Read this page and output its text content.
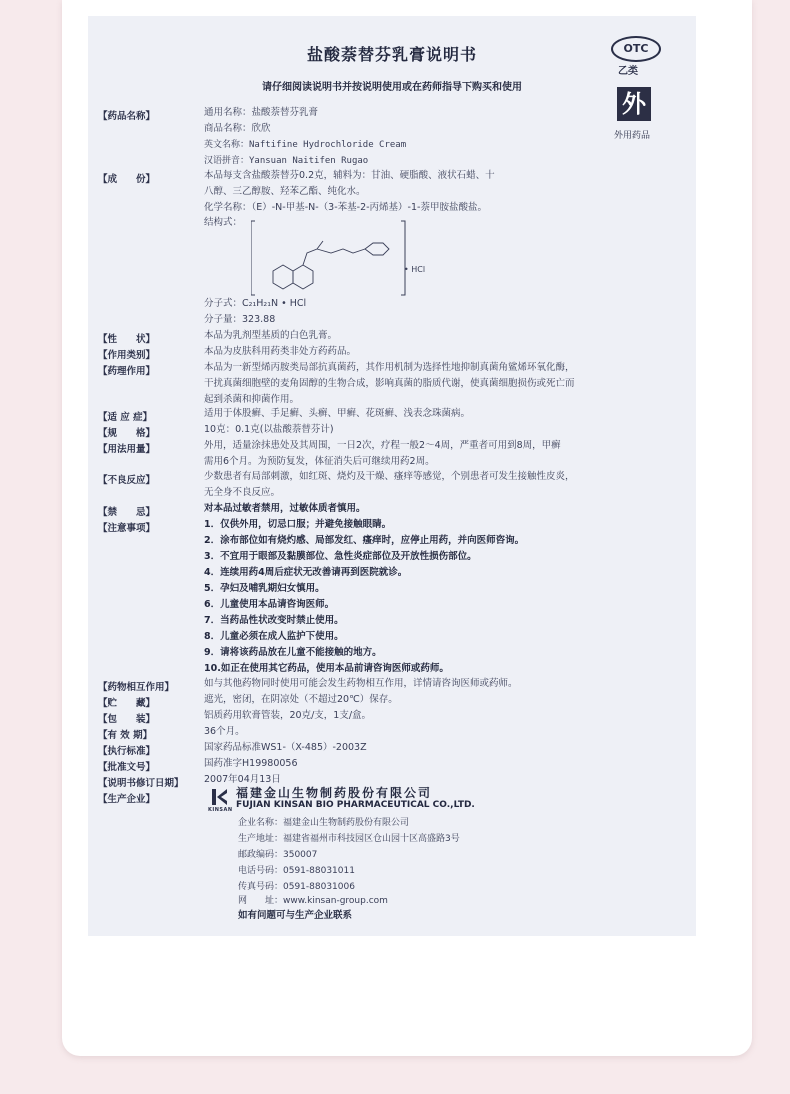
盐酸萘替芬乳膏说明书	OTC
乙类
外
外用药品
请仔细阅读说明书并按说明使用或在药师指导下购买和使用
【药品名称】	通用名称：盐酸萘替芬乳膏
商品名称：欣欣
英文名称：Naftifine Hydrochloride Cream
汉语拼音：Yansuan Naitifen Rugao
【成　　份】	本品每支含盐酸萘替芬0.2克，辅料为：甘油、硬脂酸、液状石蜡、十
八醇、三乙醇胺、羟苯乙酯、纯化水。
化学名称：（E）-N-甲基-N-（3-苯基-2-丙烯基）-1-萘甲胺盐酸盐。
结构式：
• HCl
分子式：C₂₁H₂₁N • HCl
分子量：323.88
【性　　状】	本品为乳剂型基质的白色乳膏。
【作用类别】	本品为皮肤科用药类非处方药药品。
【药理作用】	本品为一新型烯丙胺类局部抗真菌药，其作用机制为选择性地抑制真菌角鲨烯环氧化酶，
干扰真菌细胞壁的麦角固醇的生物合成，影响真菌的脂质代谢，使真菌细胞损伤或死亡而
起到杀菌和抑菌作用。
【适 应 症】	适用于体股癣、手足癣、头癣、甲癣、花斑癣、浅表念珠菌病。
【规　　格】	10克：0.1克(以盐酸萘替芬计)
【用法用量】	外用，适量涂抹患处及其周围，一日2次，疗程一般2～4周，严重者可用到8周，甲癣
需用6个月。为预防复发，体征消失后可继续用药2周。
【不良反应】	少数患者有局部刺激，如红斑、烧灼及干燥、瘙痒等感觉，个别患者可发生接触性皮炎，
无全身不良反应。
【禁　　忌】	对本品过敏者禁用，过敏体质者慎用。
【注意事项】	1．仅供外用，切忌口服；并避免接触眼睛。
2．涂布部位如有烧灼感、局部发红、瘙痒时，应停止用药，并向医师咨询。
3．不宜用于眼部及黏膜部位、急性炎症部位及开放性损伤部位。
4．连续用药4周后症状无改善请再到医院就诊。
5．孕妇及哺乳期妇女慎用。
6．儿童使用本品请咨询医师。
7．当药品性状改变时禁止使用。
8．儿童必须在成人监护下使用。
9．请将该药品放在儿童不能接触的地方。
10.如正在使用其它药品，使用本品前请咨询医师或药师。
【药物相互作用】	如与其他药物同时使用可能会发生药物相互作用，详情请咨询医师或药师。
【贮　　藏】	遮光，密闭，在阴凉处（不超过20℃）保存。
【包　　装】	铝质药用软膏管装，20克/支，1支/盒。
【有 效 期】	36个月。
【执行标准】	国家药品标准WS1-（X-485）-2003Z
【批准文号】	国药准字H19980056
【说明书修订日期】	2007年04月13日
【生产企业】
KINSAN
福建金山生物制药股份有限公司
FUJIAN KINSAN BIO PHARMACEUTICAL CO.,LTD.
企业名称：福建金山生物制药股份有限公司
生产地址：福建省福州市科技园区仓山园十区高盛路3号
邮政编码：350007
电话号码：0591-88031011
传真号码：0591-88031006
网　　址：www.kinsan-group.com
如有问题可与生产企业联系
